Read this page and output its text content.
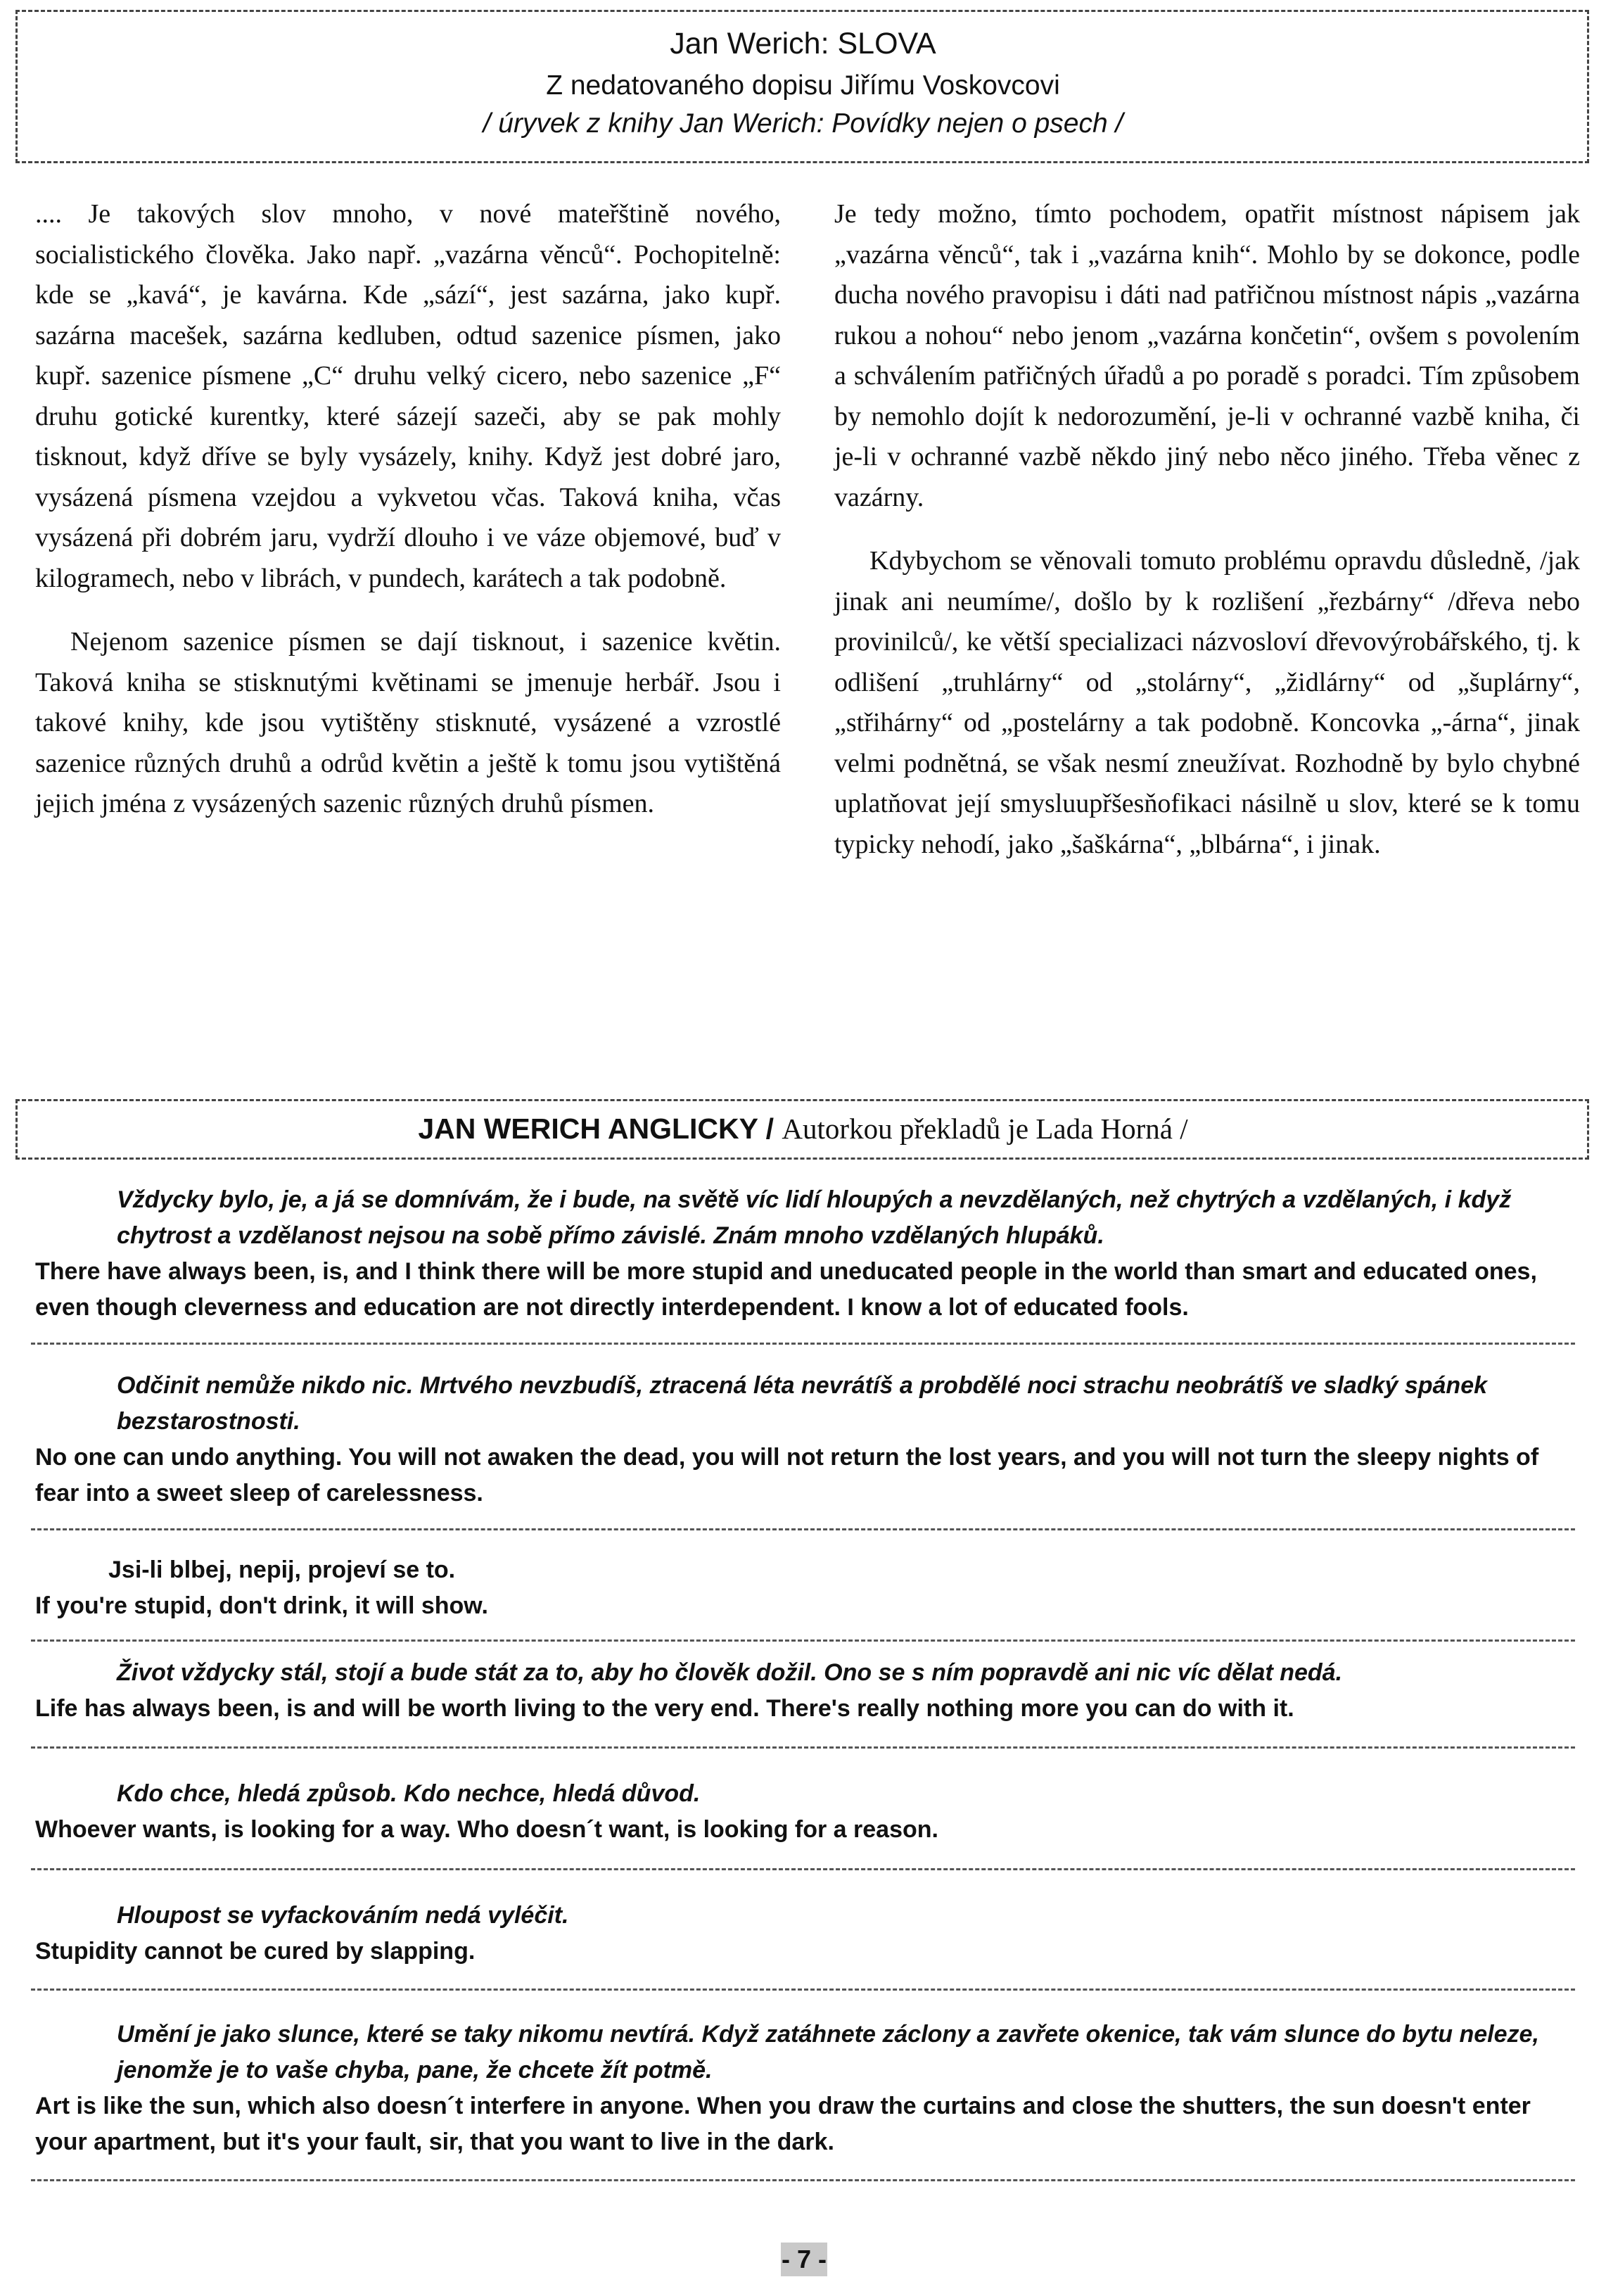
Jan Werich: SLOVA
Z nedatovaného dopisu Jiřímu Voskovcovi
/ úryvek z knihy Jan Werich: Povídky nejen o psech /

.... Je takových slov mnoho, v nové mateřštině nového, socialistického člověka. Jako např. „vazárna věnců“. Pochopitelně: kde se „kavá“, je kavárna. Kde „sází“, jest sazárna, jako kupř. sazárna macešek, sazárna kedluben, odtud sazenice písmen, jako kupř. sazenice písmene „C“ druhu velký cicero, nebo sazenice „F“ druhu gotické kurentky, které sázejí sazeči, aby se pak mohly tisknout, když dříve se byly vysázely, knihy. Když jest dobré jaro, vysázená písmena vzejdou a vykvetou včas. Taková kniha, včas vysázená při dobrém jaru, vydrží dlouho i ve váze objemové, buď v kilogramech, nebo v librách, v pundech, karátech a tak podobně.

Nejenom sazenice písmen se dají tisknout, i sazenice květin. Taková kniha se stisknutými květinami se jmenuje herbář. Jsou i takové knihy, kde jsou vytištěny stisknuté, vysázené a vzrostlé sazenice různých druhů a odrůd květin a ještě k tomu jsou vytištěná jejich jména z vysázených sazenic různých druhů písmen.

Je tedy možno, tímto pochodem, opatřit místnost nápisem jak „vazárna věnců“, tak i „vazárna knih“. Mohlo by se dokonce, podle ducha nového pravopisu i dáti nad patřičnou místnost nápis „vazárna rukou a nohou“ nebo jenom „vazárna končetin“, ovšem s povolením a schválením patřičných úřadů a po poradě s poradci. Tím způsobem by nemohlo dojít k nedorozumění, je-li v ochranné vazbě kniha, či je-li v ochranné vazbě někdo jiný nebo něco jiného. Třeba věnec z vazárny.

Kdybychom se věnovali tomuto problému opravdu důsledně, /jak jinak ani neumíme/, došlo by k rozlišení „řezbárny“ /dřeva nebo provinilců/, ke větší specializaci názvosloví dřevovýrobářského, tj. k odlišení „truhlárny“ od „stolárny“, „židlárny“ od „šuplárny“, „střihárny“ od „postelárny a tak podobně. Koncovka „-árna“, jinak velmi podnětná, se však nesmí zneužívat. Rozhodně by bylo chybné uplatňovat její smysluupřšesňofikaci násilně u slov, které se k tomu typicky nehodí, jako „šaškárna“, „blbárna“, i jinak.

JAN WERICH ANGLICKY / Autorkou překladů je Lada Horná /
Vždycky bylo, je, a já se domnívám, že i bude, na světě víc lidí hloupých a nevzdělaných, než chytrých a vzdělaných, i když chytrost a vzdělanost nejsou na sobě přímo závislé. Znám mnoho vzdělaných hlupáků.
There have always been, is, and I think there will be more stupid and uneducated people in the world than smart and educated ones, even though cleverness and education are not directly interdependent. I know a lot of educated fools.
Odčinit nemůže nikdo nic. Mrtvého nevzbudíš, ztracená léta nevrátíš a probdělé noci strachu neobrátíš ve sladký spánek bezstarostnosti.
No one can undo anything. You will not awaken the dead, you will not return the lost years, and you will not turn the sleepy nights of fear into a sweet sleep of carelessness.
Jsi-li blbej, nepij, projeví se to.
If you're stupid, don't drink, it will show.
Život vždycky stál, stojí a bude stát za to, aby ho člověk dožil. Ono se s ním popravdě ani nic víc dělat nedá.
Life has always been, is and will be worth living to the very end. There's really nothing more you can do with it.
Kdo chce, hledá způsob. Kdo nechce, hledá důvod.
Whoever wants, is looking for a way. Who doesn´t want, is looking for a reason.
Hloupost se vyfackováním nedá vyléčit.
Stupidity cannot be cured by slapping.
Umění je jako slunce, které se taky nikomu nevtírá. Když zatáhnete záclony a zavřete okenice, tak vám slunce do bytu neleze, jenomže je to vaše chyba, pane, že chcete žít potmě.
Art is like the sun, which also doesn´t interfere in anyone. When you draw the curtains and close the shutters, the sun doesn't enter your apartment, but it's your fault, sir, that you want to live in the dark.
- 7 -
